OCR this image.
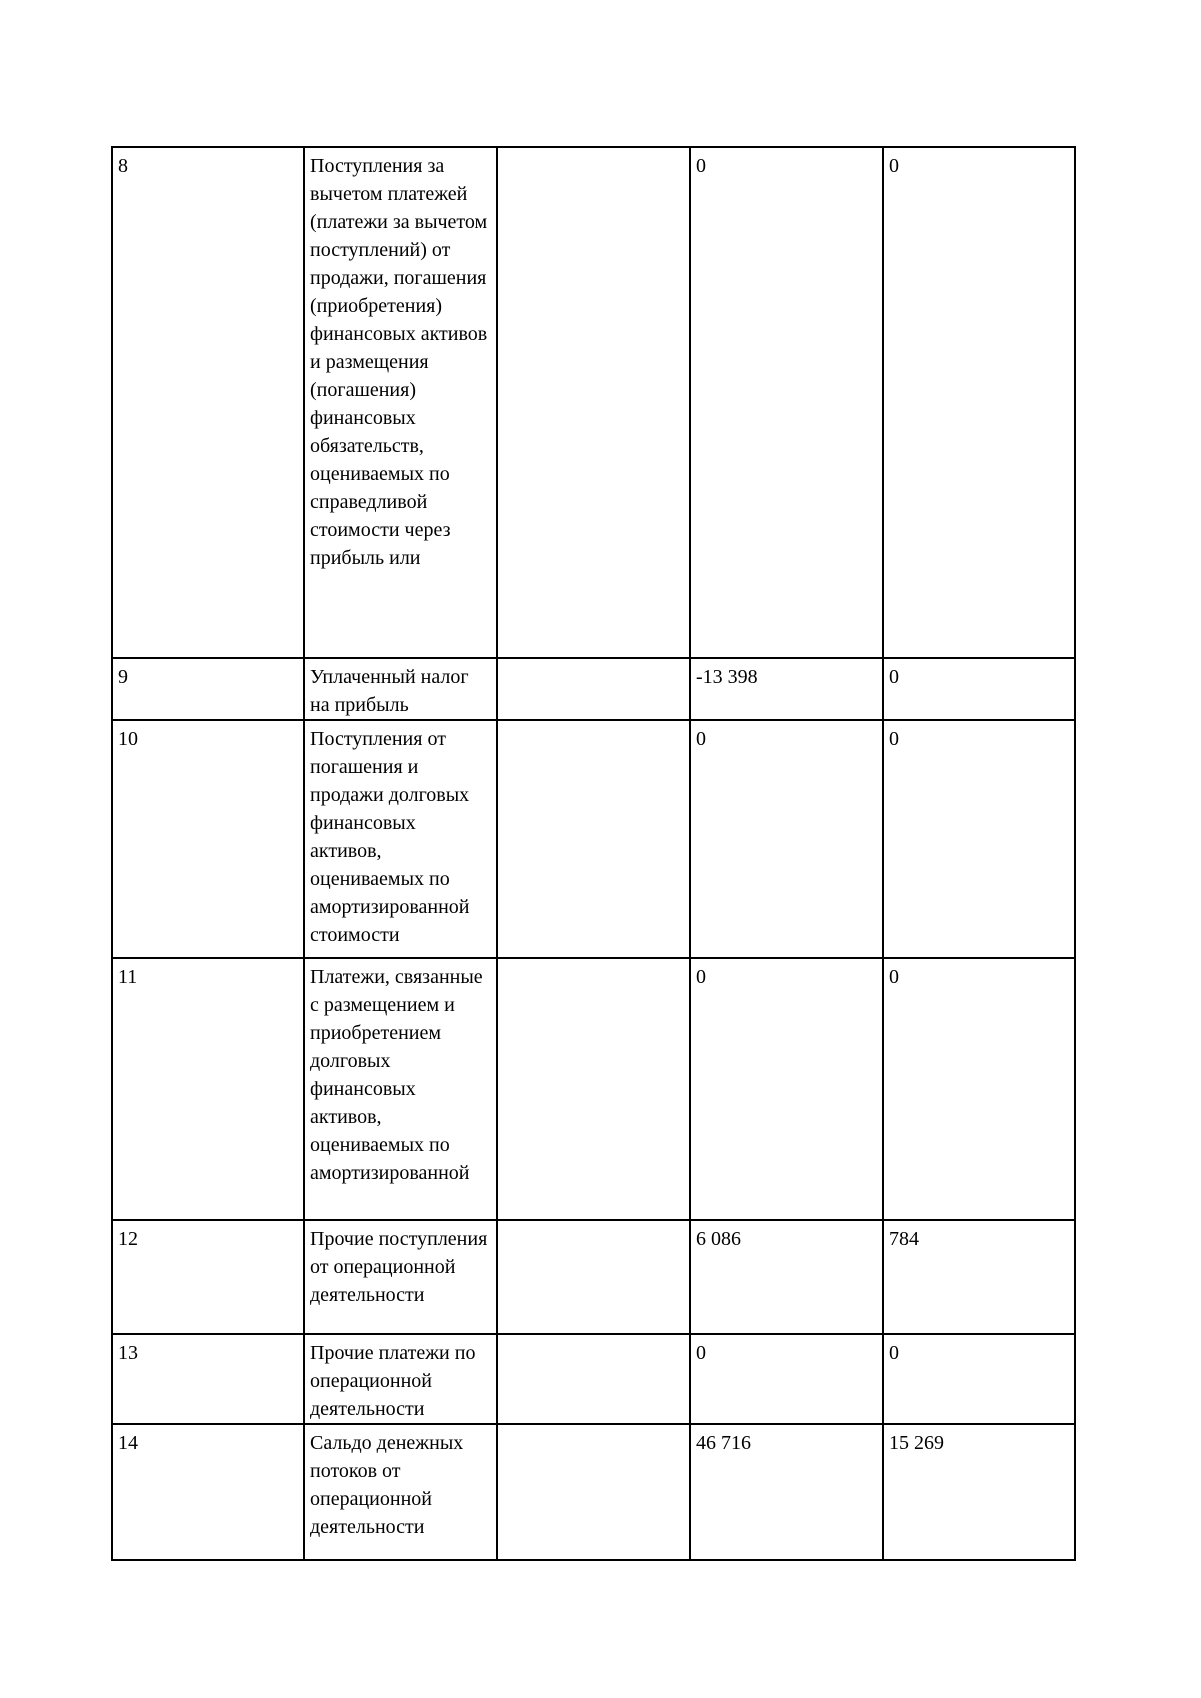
8	Поступления за вычетом платежей (платежи за вычетом поступлений) от продажи, погашения (приобретения) финансовых активов и размещения (погашения) финансовых обязательств, оцениваемых по справедливой стоимости через прибыль или		0	0
9	Уплаченный налог на прибыль		-13 398	0
10	Поступления от погашения и продажи долговых финансовых активов, оцениваемых по амортизированной стоимости		0	0
11	Платежи, связанные с размещением и приобретением долговых финансовых активов, оцениваемых по амортизированной		0	0
12	Прочие поступления от операционной деятельности		6 086	784
13	Прочие платежи по операционной деятельности		0	0
14	Сальдо денежных потоков от операционной деятельности		46 716	15 269
